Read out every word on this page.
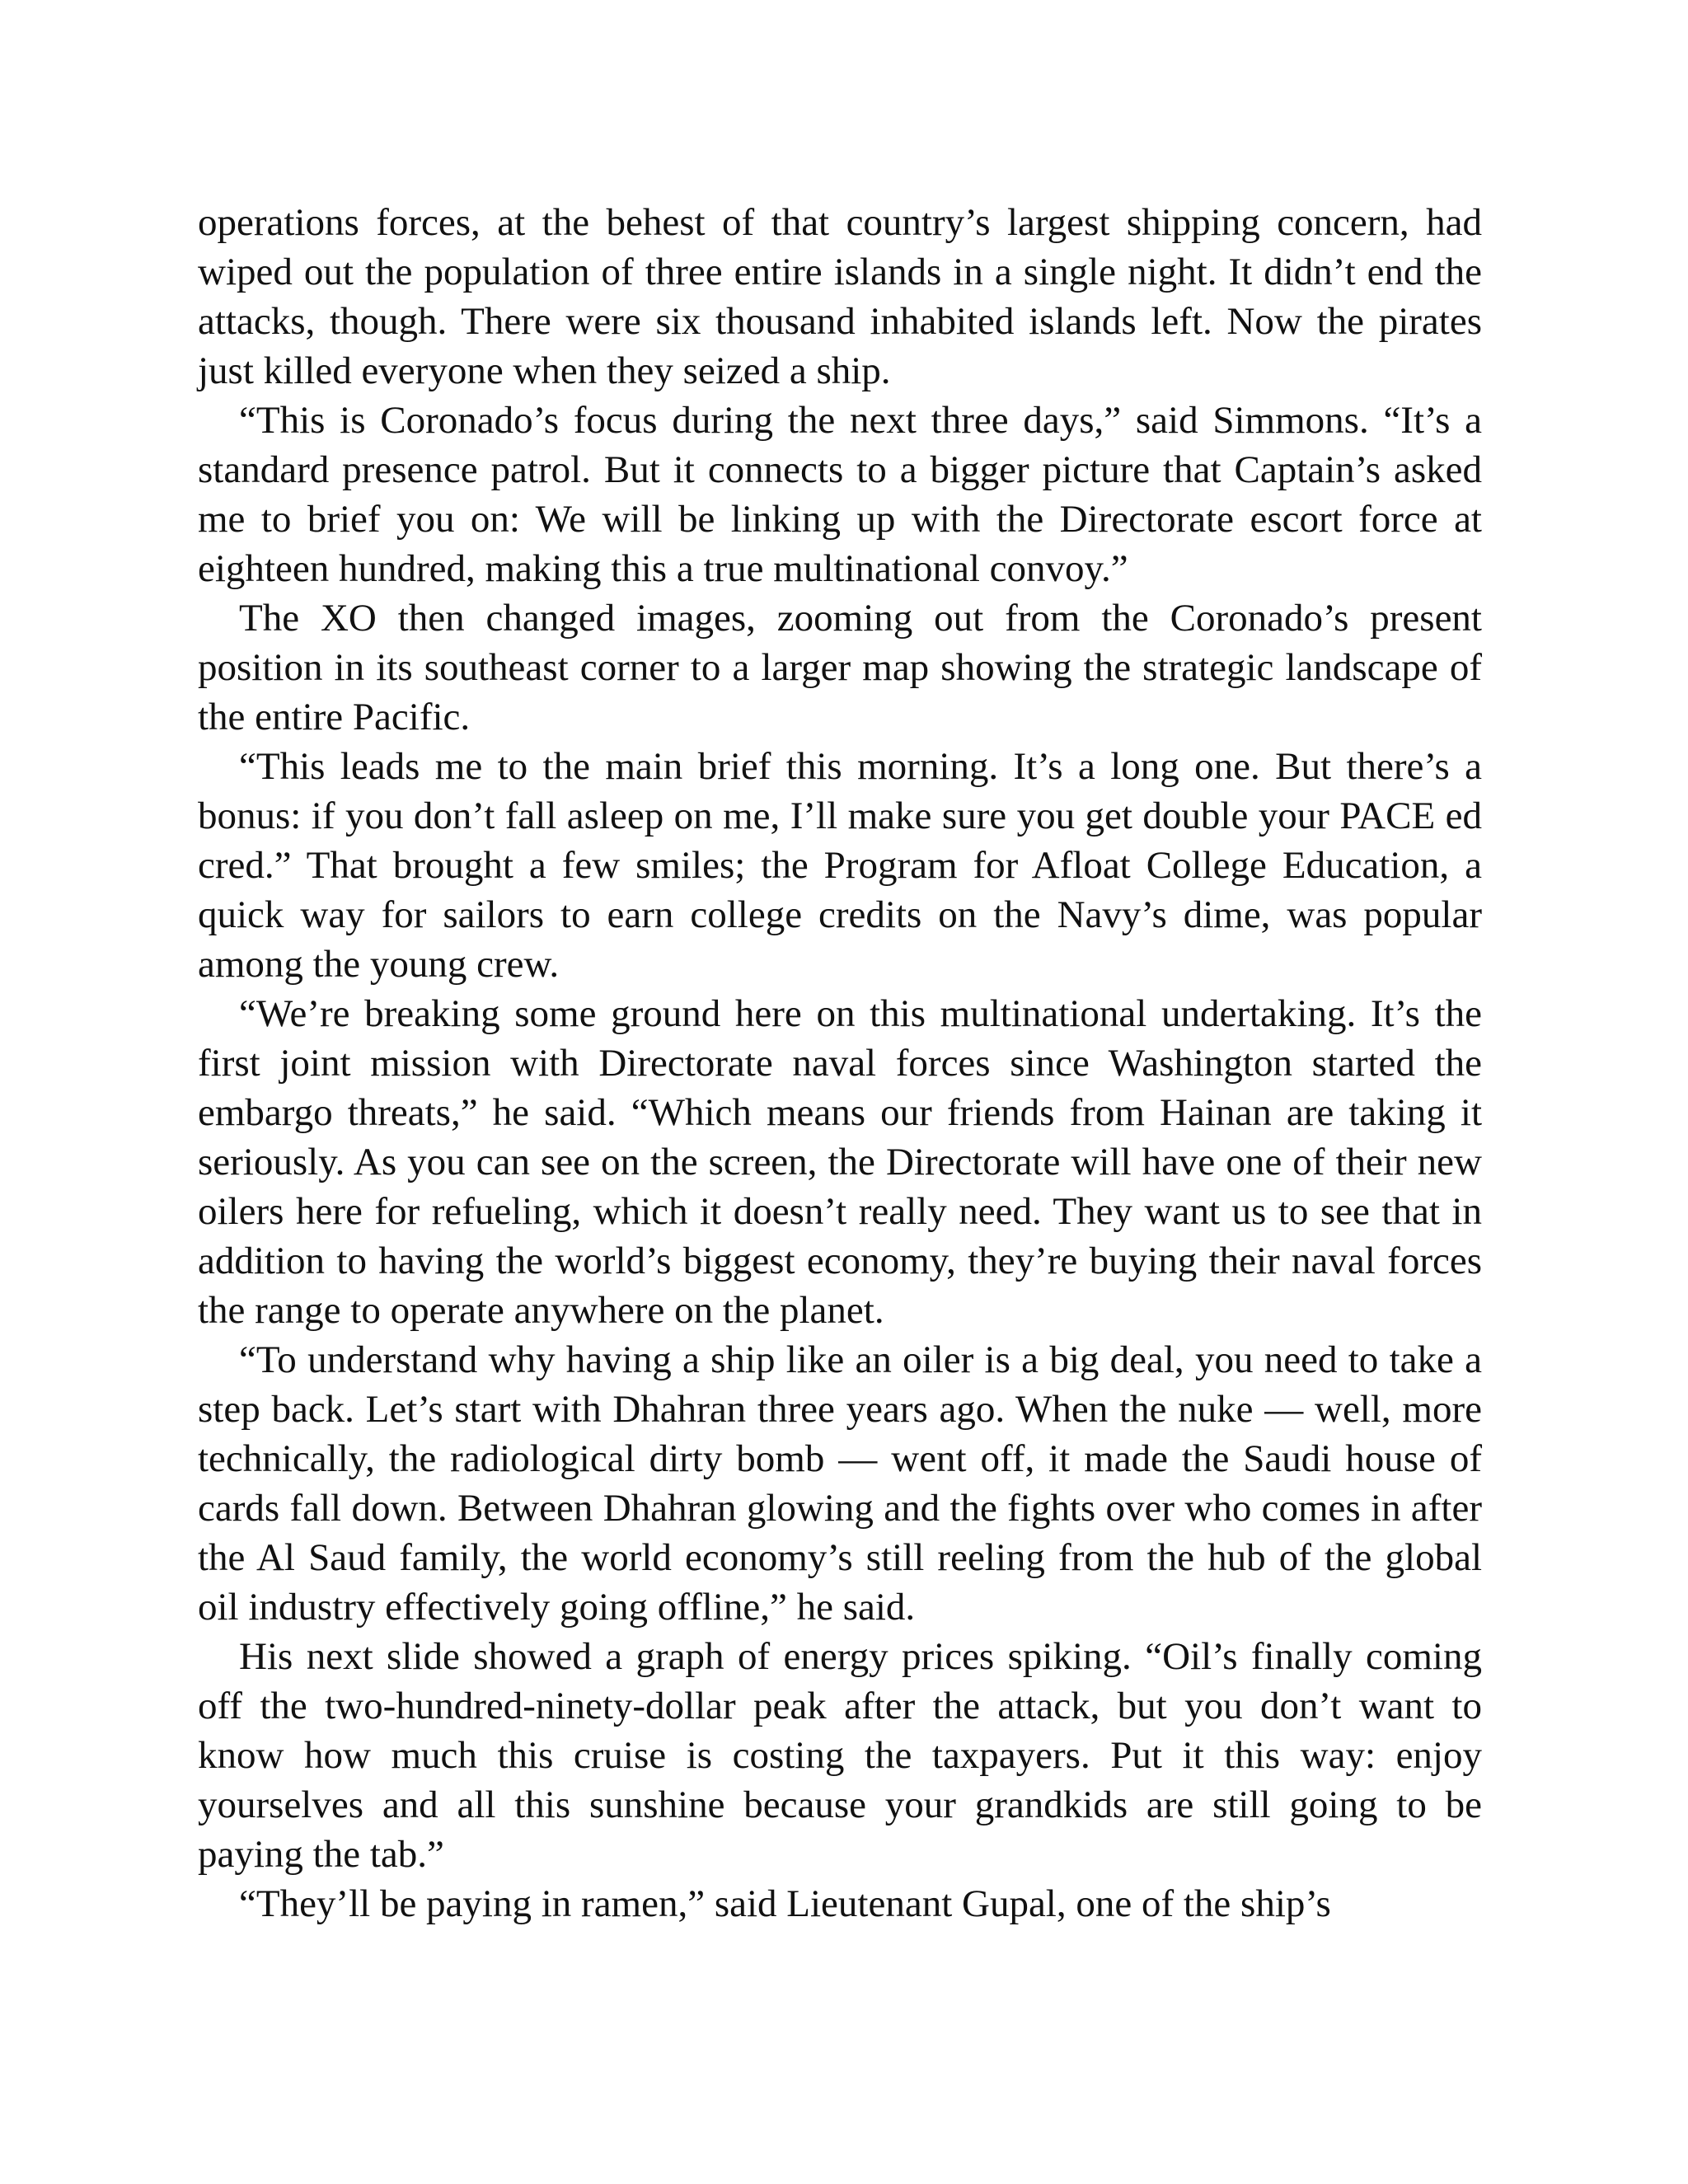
operations forces, at the behest of that country’s largest shipping concern, had wiped out the population of three entire islands in a single night. It didn’t end the attacks, though. There were six thousand inhabited islands left. Now the pirates just killed everyone when they seized a ship.

“This is Coronado’s focus during the next three days,” said Simmons. “It’s a standard presence patrol. But it connects to a bigger picture that Captain’s asked me to brief you on: We will be linking up with the Directorate escort force at eighteen hundred, making this a true multinational convoy.”

The XO then changed images, zooming out from the Coronado’s present position in its southeast corner to a larger map showing the strategic landscape of the entire Pacific.

“This leads me to the main brief this morning. It’s a long one. But there’s a bonus: if you don’t fall asleep on me, I’ll make sure you get double your PACE ed cred.” That brought a few smiles; the Program for Afloat College Education, a quick way for sailors to earn college credits on the Navy’s dime, was popular among the young crew.

“We’re breaking some ground here on this multinational undertaking. It’s the first joint mission with Directorate naval forces since Washington started the embargo threats,” he said. “Which means our friends from Hainan are taking it seriously. As you can see on the screen, the Directorate will have one of their new oilers here for refueling, which it doesn’t really need. They want us to see that in addition to having the world’s biggest economy, they’re buying their naval forces the range to operate anywhere on the planet.

“To understand why having a ship like an oiler is a big deal, you need to take a step back. Let’s start with Dhahran three years ago. When the nuke — well, more technically, the radiological dirty bomb — went off, it made the Saudi house of cards fall down. Between Dhahran glowing and the fights over who comes in after the Al Saud family, the world economy’s still reeling from the hub of the global oil industry effectively going offline,” he said.

His next slide showed a graph of energy prices spiking. “Oil’s finally coming off the two-hundred-ninety-dollar peak after the attack, but you don’t want to know how much this cruise is costing the taxpayers. Put it this way: enjoy yourselves and all this sunshine because your grandkids are still going to be paying the tab.”

“They’ll be paying in ramen,” said Lieutenant Gupal, one of the ship’s
